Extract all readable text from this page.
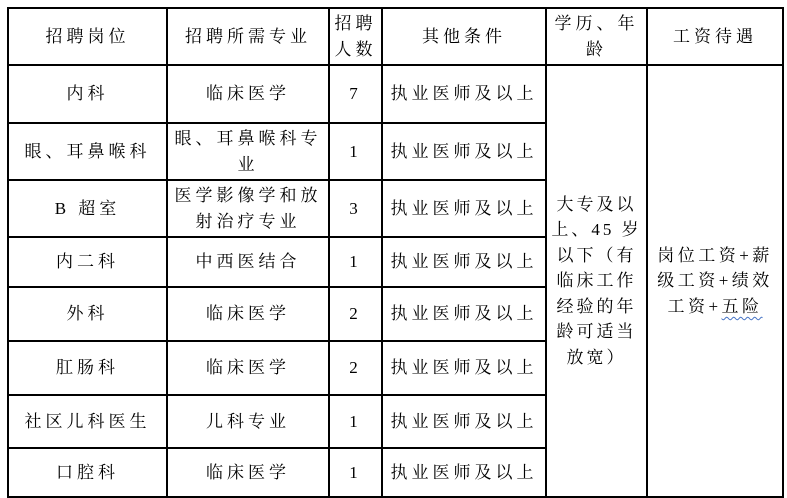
招聘岗位	招聘所需专业	招聘人数	其他条件	学历、年龄	工资待遇
内科	临床医学	7	执业医师及以上	大专及以上、45 岁以下（有临床工作经验的年龄可适当放宽）	岗位工资+薪级工资+绩效工资+五险
眼、耳鼻喉科	眼、耳鼻喉科专业	1	执业医师及以上		
B 超室	医学影像学和放射治疗专业	3	执业医师及以上		
内二科	中西医结合	1	执业医师及以上		
外科	临床医学	2	执业医师及以上		
肛肠科	临床医学	2	执业医师及以上		
社区儿科医生	儿科专业	1	执业医师及以上		
口腔科	临床医学	1	执业医师及以上		
